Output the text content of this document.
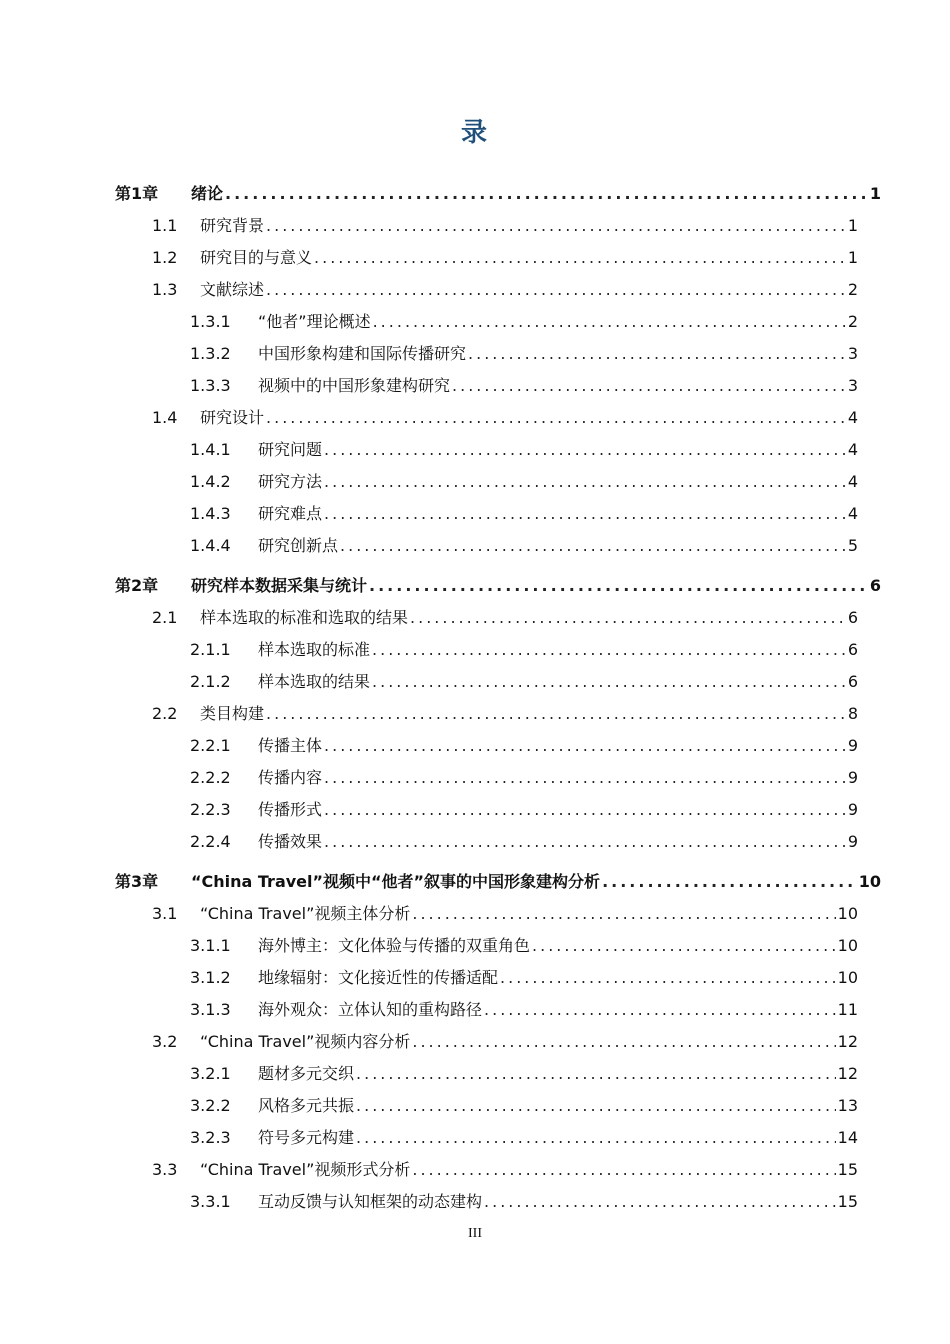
录
第1章	绪论 .....	1
1.1	研究背景 .....	1
1.2	研究目的与意义 .....	1
1.3	文献综述 .....	2
1.3.1	“他者”理论概述 .....	2
1.3.2	中国形象构建和国际传播研究 .....	3
1.3.3	视频中的中国形象建构研究 .....	3
1.4	研究设计 .....	4
1.4.1	研究问题 .....	4
1.4.2	研究方法 .....	4
1.4.3	研究难点 .....	4
1.4.4	研究创新点 .....	5
第2章	研究样本数据采集与统计 .....	6
2.1	样本选取的标准和选取的结果 .....	6
2.1.1	样本选取的标准 .....	6
2.1.2	样本选取的结果 .....	6
2.2	类目构建 .....	8
2.2.1	传播主体 .....	9
2.2.2	传播内容 .....	9
2.2.3	传播形式 .....	9
2.2.4	传播效果 .....	9
第3章	“China Travel”视频中“他者”叙事的中国形象建构分析 .....	10
3.1	“China Travel”视频主体分析 .....	10
3.1.1	海外博主：文化体验与传播的双重角色 .....	10
3.1.2	地缘辐射：文化接近性的传播适配 .....	10
3.1.3	海外观众：立体认知的重构路径 .....	11
3.2	“China Travel”视频内容分析 .....	12
3.2.1	题材多元交织 .....	12
3.2.2	风格多元共振 .....	13
3.2.3	符号多元构建 .....	14
3.3	“China Travel”视频形式分析 .....	15
3.3.1	互动反馈与认知框架的动态建构 .....	15
III
